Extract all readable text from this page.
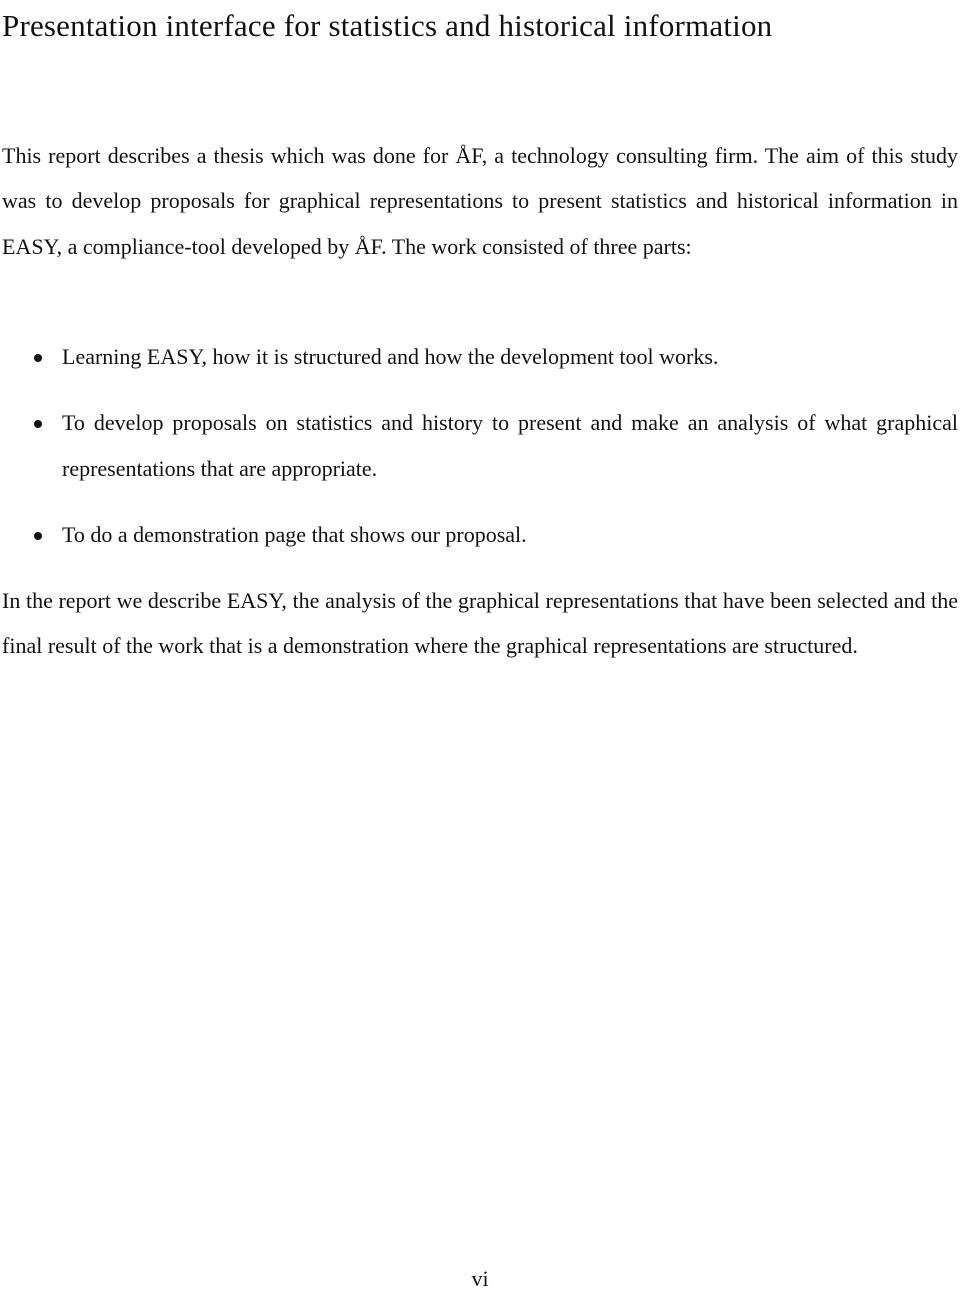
Presentation interface for statistics and historical information

This report describes a thesis which was done for ÅF, a technology consulting firm. The aim of this study was to develop proposals for graphical representations to present statistics and historical information in EASY, a compliance-tool developed by ÅF. The work consisted of three parts:

Learning EASY, how it is structured and how the development tool works.
To develop proposals on statistics and history to present and make an analysis of what graphical representations that are appropriate.
To do a demonstration page that shows our proposal.

In the report we describe EASY, the analysis of the graphical representations that have been selected and the final result of the work that is a demonstration where the graphical representations are structured.

vi
